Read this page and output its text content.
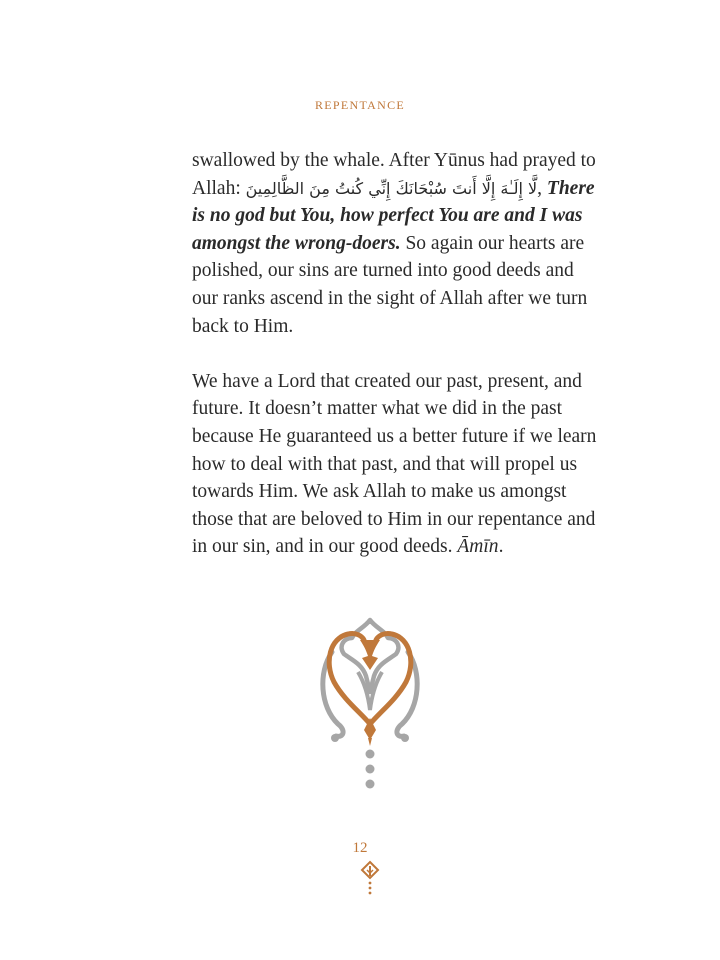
REPENTANCE

swallowed by the whale. After Yūnus had prayed to

Allah: لَّا إِلَـٰهَ إِلَّا أَنتَ سُبْحَانَكَ إِنِّي كُنتُ مِنَ الظَّالِمِينَ, There

is no god but You, how perfect You are and I was

amongst the wrong-doers. So again our hearts are

polished, our sins are turned into good deeds and

our ranks ascend in the sight of Allah after we turn

back to Him.

We have a Lord that created our past, present, and

future. It doesn’t matter what we did in the past

because He guaranteed us a better future if we learn

how to deal with that past, and that will propel us

towards Him. We ask Allah to make us amongst

those that are beloved to Him in our repentance and

in our sin, and in our good deeds. Āmīn.

12
